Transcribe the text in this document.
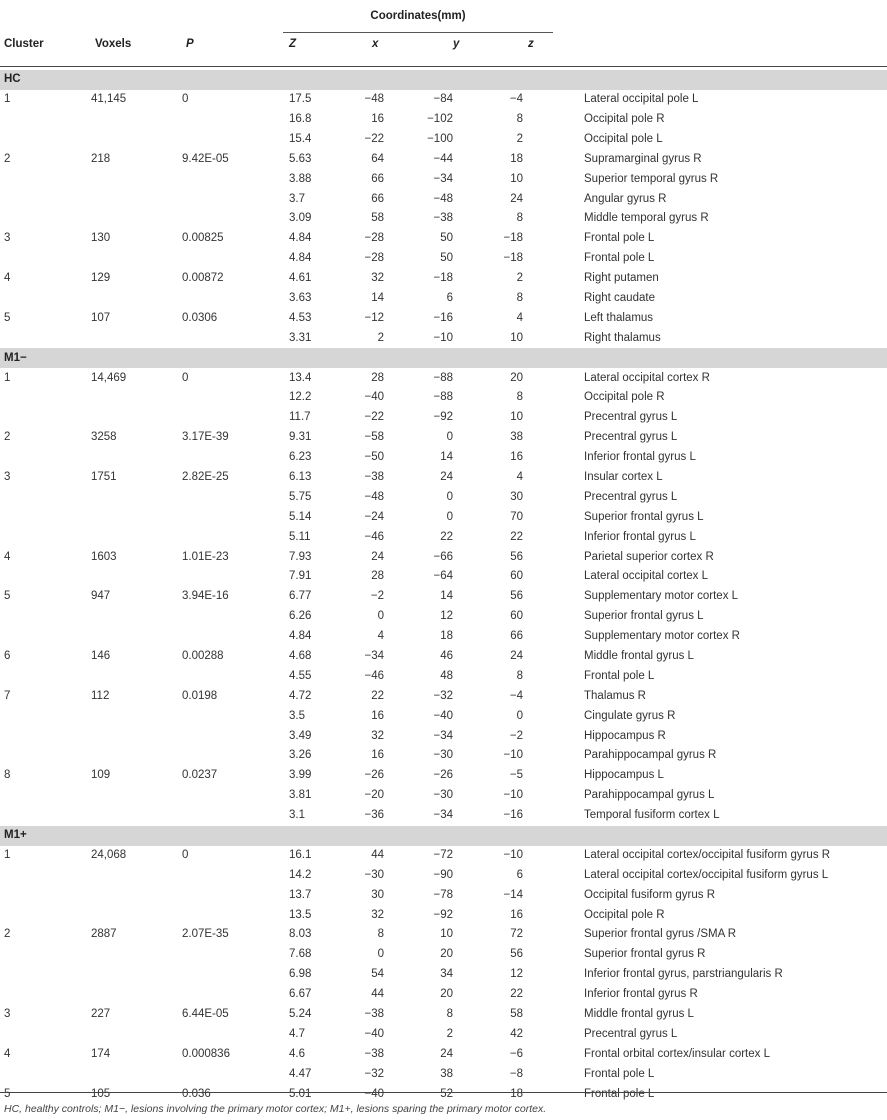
Coordinates(mm)
Cluster	Voxels	P	Z	x	y	z
HC							
1	41,145	0	17.5	−48	−84	−4	Lateral occipital pole L
			16.8	16	−102	8	Occipital pole R
			15.4	−22	−100	2	Occipital pole L
2	218	9.42E-05	5.63	64	−44	18	Supramarginal gyrus R
			3.88	66	−34	10	Superior temporal gyrus R
			3.7	66	−48	24	Angular gyrus R
			3.09	58	−38	8	Middle temporal gyrus R
3	130	0.00825	4.84	−28	50	−18	Frontal pole L
			4.84	−28	50	−18	Frontal pole L
4	129	0.00872	4.61	32	−18	2	Right putamen
			3.63	14	6	8	Right caudate
5	107	0.0306	4.53	−12	−16	4	Left thalamus
			3.31	2	−10	10	Right thalamus
M1−							
1	14,469	0	13.4	28	−88	20	Lateral occipital cortex R
			12.2	−40	−88	8	Occipital pole R
			11.7	−22	−92	10	Precentral gyrus L
2	3258	3.17E-39	9.31	−58	0	38	Precentral gyrus L
			6.23	−50	14	16	Inferior frontal gyrus L
3	1751	2.82E-25	6.13	−38	24	4	Insular cortex L
			5.75	−48	0	30	Precentral gyrus L
			5.14	−24	0	70	Superior frontal gyrus L
			5.11	−46	22	22	Inferior frontal gyrus L
4	1603	1.01E-23	7.93	24	−66	56	Parietal superior cortex R
			7.91	28	−64	60	Lateral occipital cortex L
5	947	3.94E-16	6.77	−2	14	56	Supplementary motor cortex L
			6.26	0	12	60	Superior frontal gyrus L
			4.84	4	18	66	Supplementary motor cortex R
6	146	0.00288	4.68	−34	46	24	Middle frontal gyrus L
			4.55	−46	48	8	Frontal pole L
7	112	0.0198	4.72	22	−32	−4	Thalamus R
			3.5	16	−40	0	Cingulate gyrus R
			3.49	32	−34	−2	Hippocampus R
			3.26	16	−30	−10	Parahippocampal gyrus R
8	109	0.0237	3.99	−26	−26	−5	Hippocampus L
			3.81	−20	−30	−10	Parahippocampal gyrus L
			3.1	−36	−34	−16	Temporal fusiform cortex L
M1+							
1	24,068	0	16.1	44	−72	−10	Lateral occipital cortex/occipital fusiform gyrus R
			14.2	−30	−90	6	Lateral occipital cortex/occipital fusiform gyrus L
			13.7	30	−78	−14	Occipital fusiform gyrus R
			13.5	32	−92	16	Occipital pole R
2	2887	2.07E-35	8.03	8	10	72	Superior frontal gyrus /SMA R
			7.68	0	20	56	Superior frontal gyrus R
			6.98	54	34	12	Inferior frontal gyrus, parstriangularis R
			6.67	44	20	22	Inferior frontal gyrus R
3	227	6.44E-05	5.24	−38	8	58	Middle frontal gyrus L
			4.7	−40	2	42	Precentral gyrus L
4	174	0.000836	4.6	−38	24	−6	Frontal orbital cortex/insular cortex L
			4.47	−32	38	−8	Frontal pole L
5	105	0.036	5.01	−40	52	18	Frontal pole L
HC, healthy controls; M1−, lesions involving the primary motor cortex; M1+, lesions sparing the primary motor cortex.
